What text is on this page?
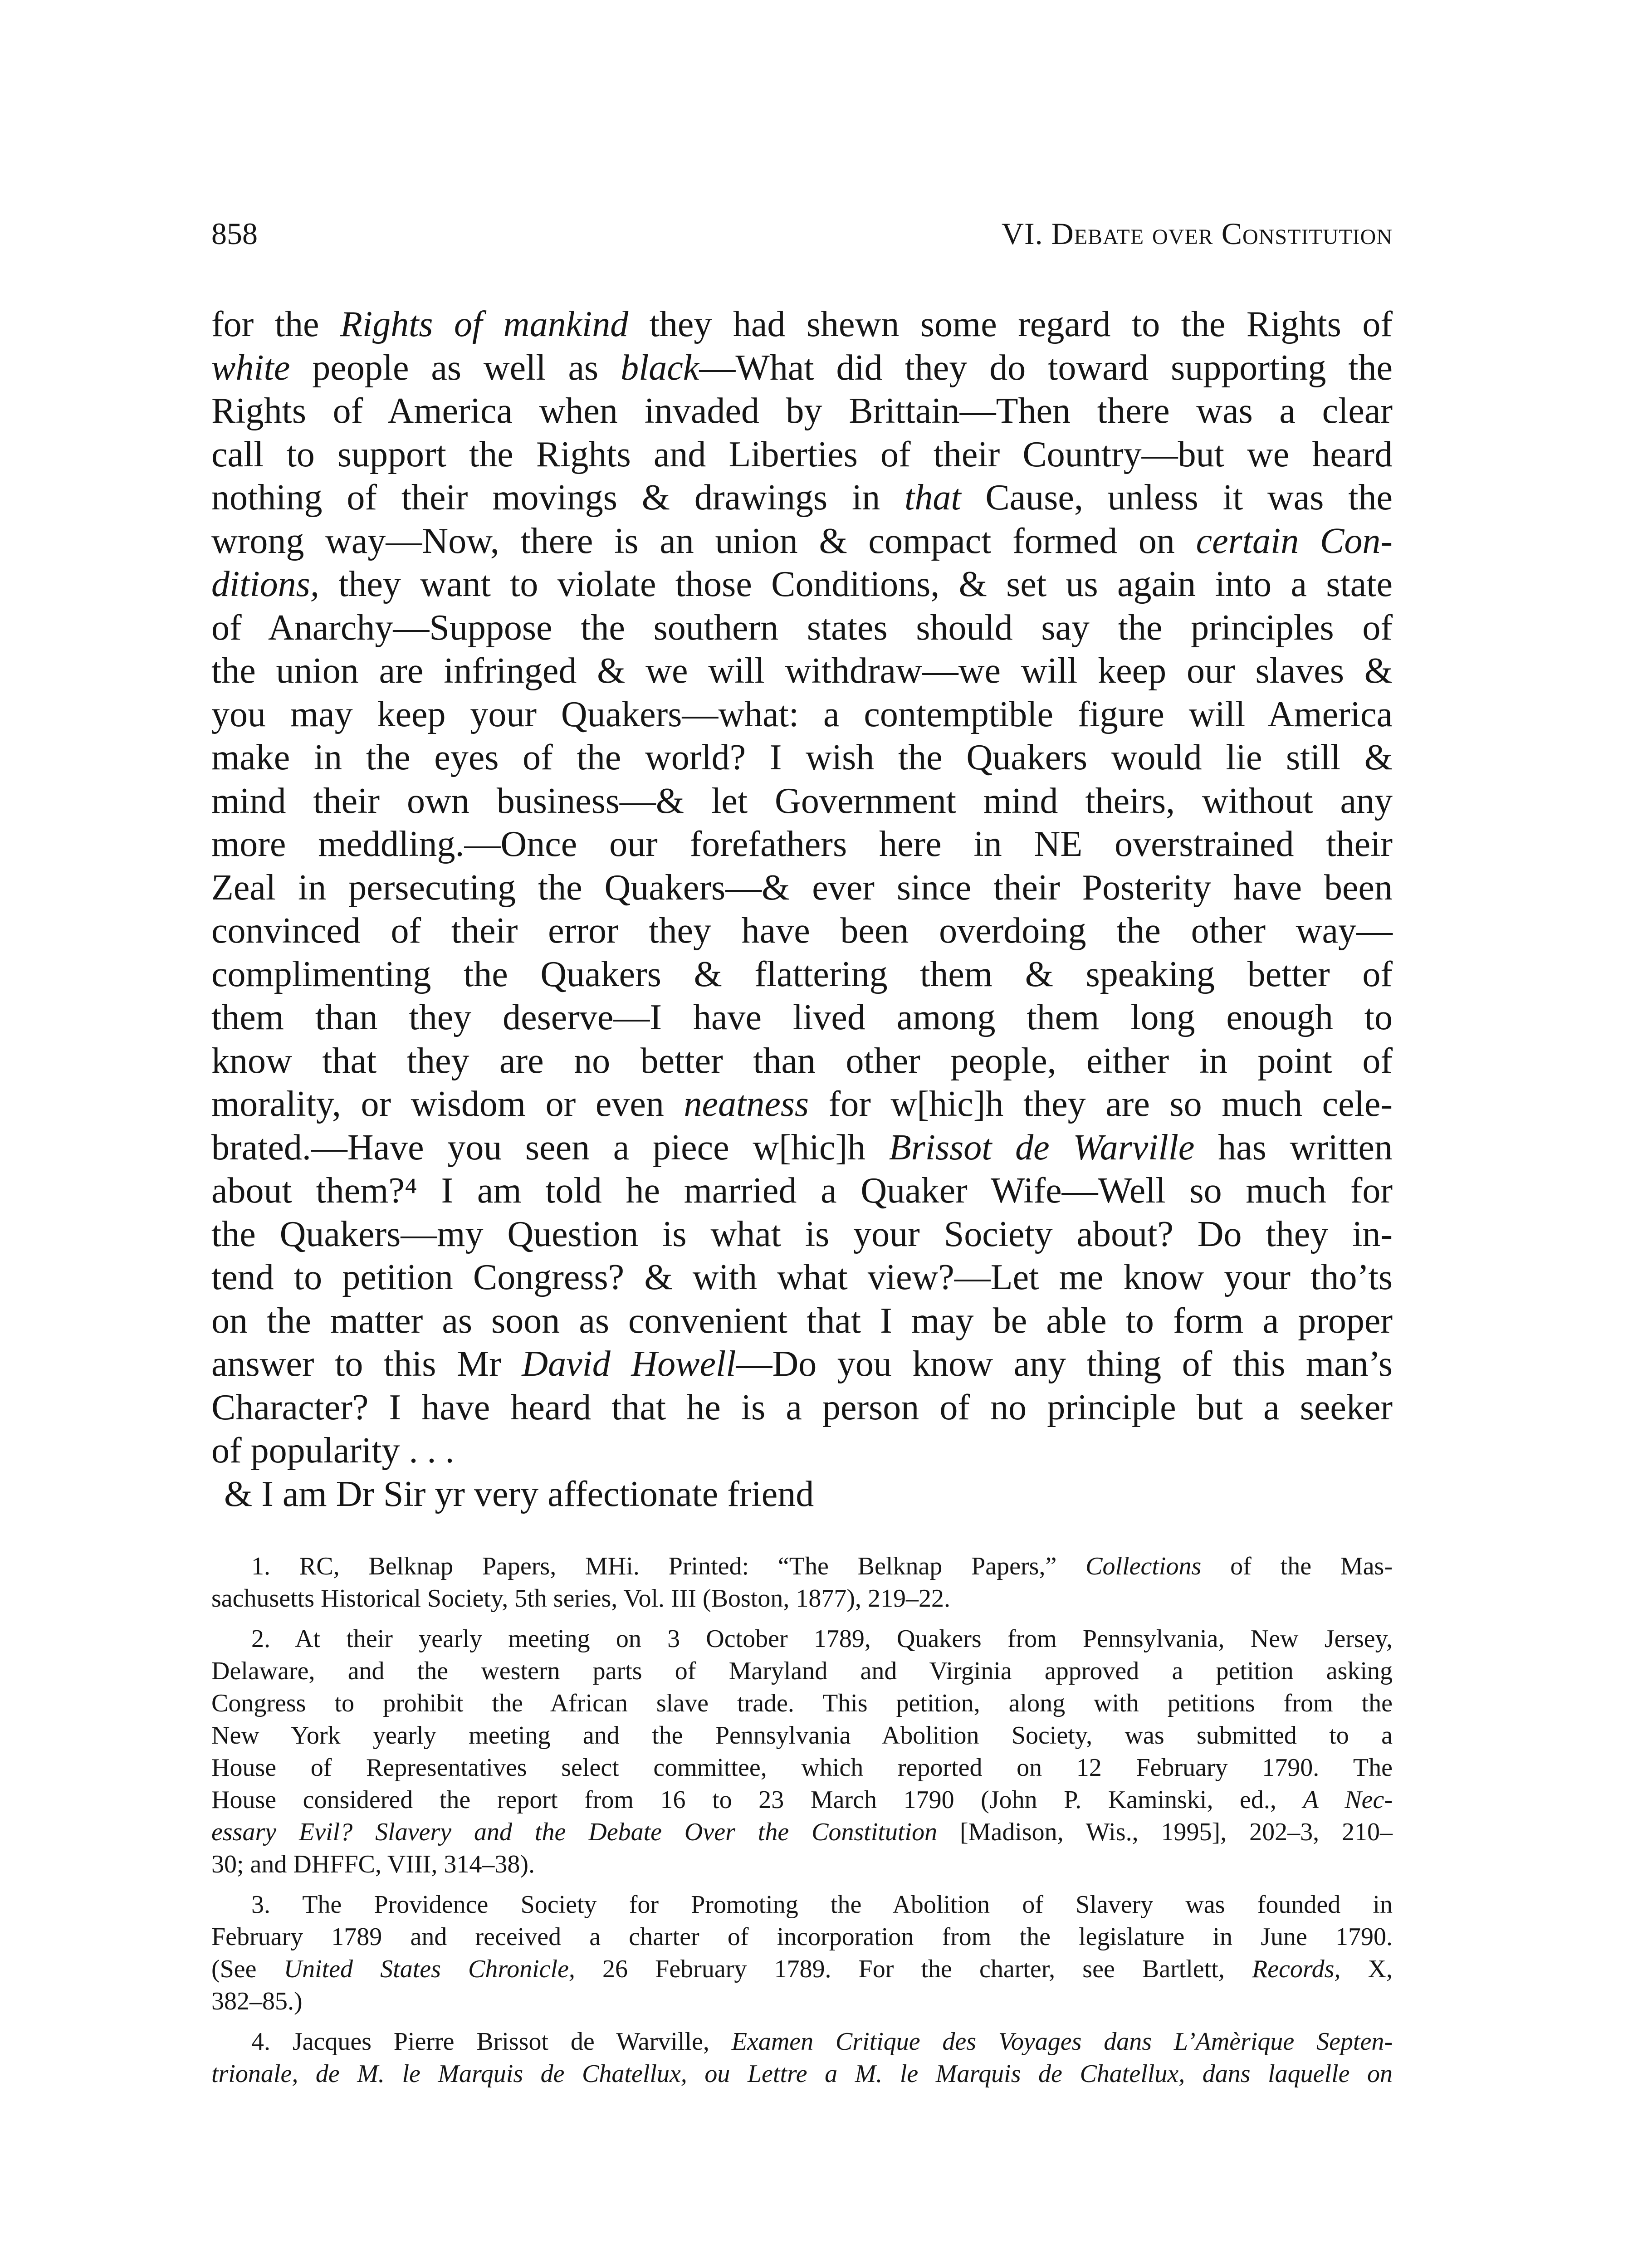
858	VI. Debate over Constitution
for the Rights of mankind they had shewn some regard to the Rights of
white people as well as black—What did they do toward supporting the
Rights of America when invaded by Brittain—Then there was a clear
call to support the Rights and Liberties of their Country—but we heard
nothing of their movings & drawings in that Cause, unless it was the
wrong way—Now, there is an union & compact formed on certain Con-
ditions, they want to violate those Conditions, & set us again into a state
of Anarchy—Suppose the southern states should say the principles of
the union are infringed & we will withdraw—we will keep our slaves &
you may keep your Quakers—what: a contemptible figure will America
make in the eyes of the world? I wish the Quakers would lie still &
mind their own business—& let Government mind theirs, without any
more meddling.—Once our forefathers here in NE overstrained their
Zeal in persecuting the Quakers—& ever since their Posterity have been
convinced of their error they have been overdoing the other way—
complimenting the Quakers & flattering them & speaking better of
them than they deserve—I have lived among them long enough to
know that they are no better than other people, either in point of
morality, or wisdom or even neatness for w[hic]h they are so much cele-
brated.—Have you seen a piece w[hic]h Brissot de Warville has written
about them?⁴ I am told he married a Quaker Wife—Well so much for
the Quakers—my Question is what is your Society about? Do they in-
tend to petition Congress? & with what view?—Let me know your tho’ts
on the matter as soon as convenient that I may be able to form a proper
answer to this Mr David Howell—Do you know any thing of this man’s
Character? I have heard that he is a person of no principle but a seeker
of popularity . . .
& I am Dr Sir yr very affectionate friend
1. RC, Belknap Papers, MHi. Printed: “The Belknap Papers,” Collections of the Mas-
sachusetts Historical Society, 5th series, Vol. III (Boston, 1877), 219–22.
2. At their yearly meeting on 3 October 1789, Quakers from Pennsylvania, New Jersey,
Delaware, and the western parts of Maryland and Virginia approved a petition asking
Congress to prohibit the African slave trade. This petition, along with petitions from the
New York yearly meeting and the Pennsylvania Abolition Society, was submitted to a
House of Representatives select committee, which reported on 12 February 1790. The
House considered the report from 16 to 23 March 1790 (John P. Kaminski, ed., A Nec-
essary Evil? Slavery and the Debate Over the Constitution [Madison, Wis., 1995], 202–3, 210–
30; and DHFFC, VIII, 314–38).
3. The Providence Society for Promoting the Abolition of Slavery was founded in
February 1789 and received a charter of incorporation from the legislature in June 1790.
(See United States Chronicle, 26 February 1789. For the charter, see Bartlett, Records, X,
382–85.)
4. Jacques Pierre Brissot de Warville, Examen Critique des Voyages dans L’Amèrique Septen-
trionale, de M. le Marquis de Chatellux, ou Lettre a M. le Marquis de Chatellux, dans laquelle on
